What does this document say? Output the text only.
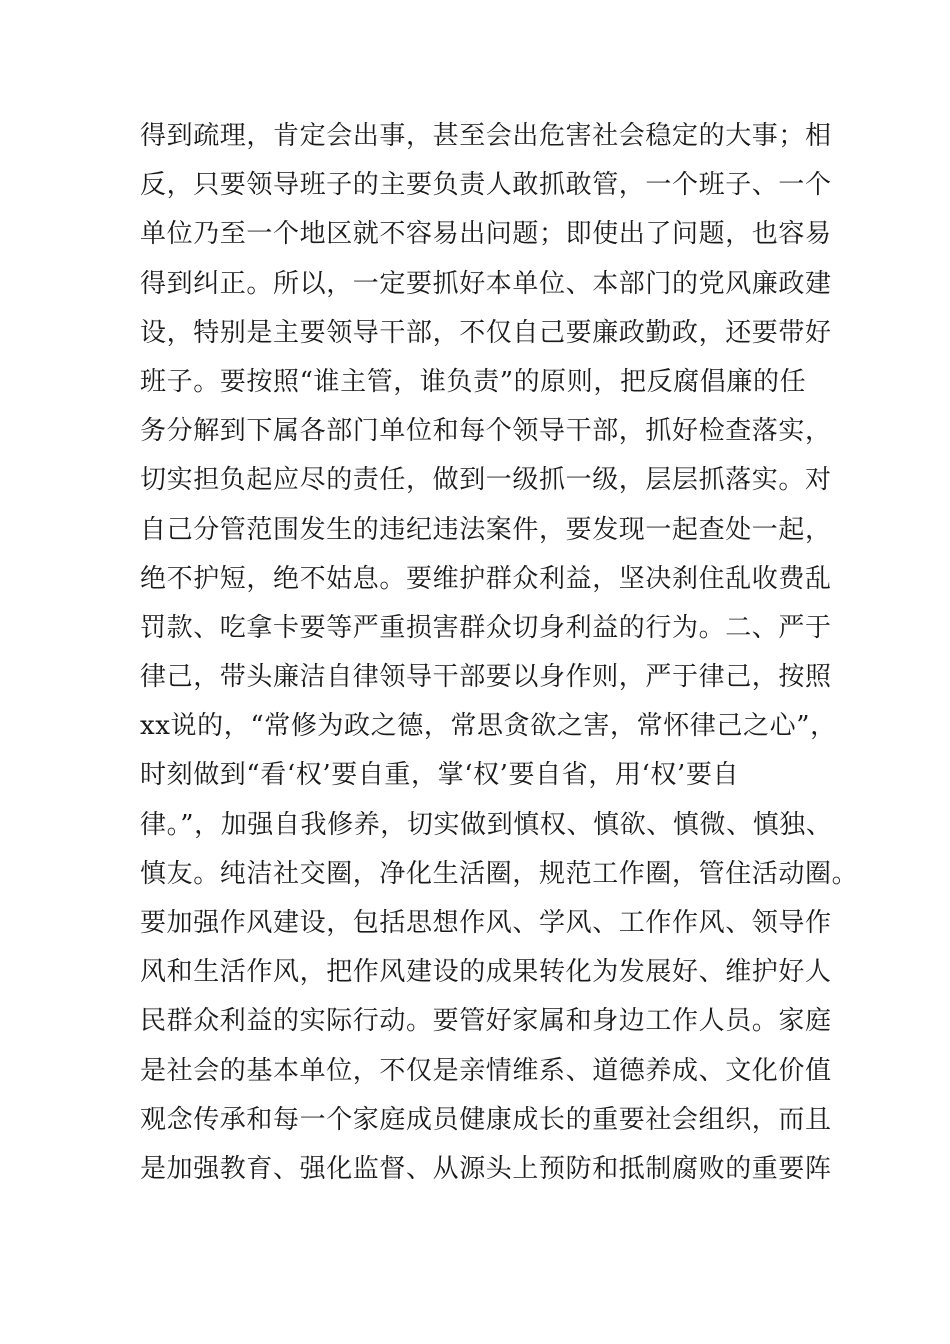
得到疏理，肯定会出事，甚至会出危害社会稳定的大事；相
反，只要领导班子的主要负责人敢抓敢管，一个班子、一个
单位乃至一个地区就不容易出问题；即使出了问题，也容易
得到纠正。所以，一定要抓好本单位、本部门的党风廉政建
设，特别是主要领导干部，不仅自己要廉政勤政，还要带好
班子。要按照“谁主管，谁负责”的原则，把反腐倡廉的任
务分解到下属各部门单位和每个领导干部，抓好检查落实，
切实担负起应尽的责任，做到一级抓一级，层层抓落实。对
自己分管范围发生的违纪违法案件，要发现一起查处一起，
绝不护短，绝不姑息。要维护群众利益，坚决刹住乱收费乱
罚款、吃拿卡要等严重损害群众切身利益的行为。二、严于
律己，带头廉洁自律领导干部要以身作则，严于律己，按照
xx说的，“常修为政之德，常思贪欲之害，常怀律己之心”，
时刻做到“看‘权’要自重，掌‘权’要自省，用‘权’要自
律。”，加强自我修养，切实做到慎权、慎欲、慎微、慎独、
慎友。纯洁社交圈，净化生活圈，规范工作圈，管住活动圈。
要加强作风建设，包括思想作风、学风、工作作风、领导作
风和生活作风，把作风建设的成果转化为发展好、维护好人
民群众利益的实际行动。要管好家属和身边工作人员。家庭
是社会的基本单位，不仅是亲情维系、道德养成、文化价值
观念传承和每一个家庭成员健康成长的重要社会组织，而且
是加强教育、强化监督、从源头上预防和抵制腐败的重要阵
